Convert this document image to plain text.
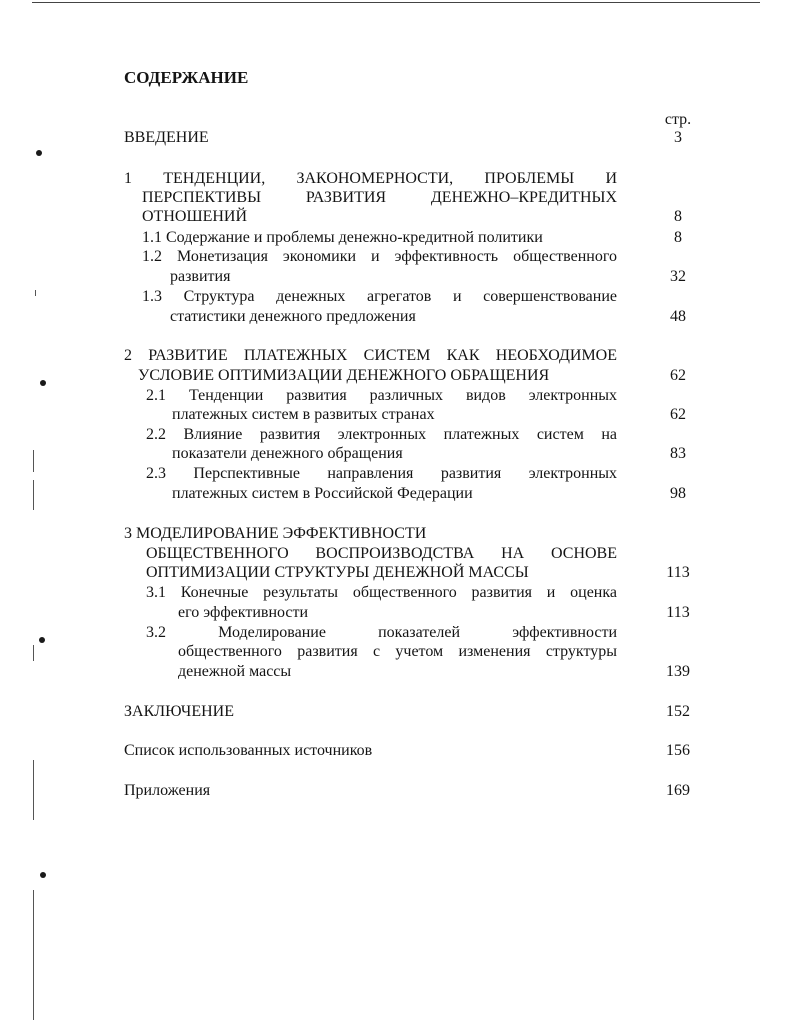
СОДЕРЖАНИЕ
стр.
ВВЕДЕНИЕ	3
1 ТЕНДЕНЦИИ, ЗАКОНОМЕРНОСТИ, ПРОБЛЕМЫ И
ПЕРСПЕКТИВЫ РАЗВИТИЯ ДЕНЕЖНО–КРЕДИТНЫХ
ОТНОШЕНИЙ	8
1.1 Содержание и проблемы денежно-кредитной политики	8
1.2 Монетизация экономики и эффективность общественного
развития	32
1.3 Структура денежных агрегатов и совершенствование
статистики денежного предложения	48
2 РАЗВИТИЕ ПЛАТЕЖНЫХ СИСТЕМ КАК НЕОБХОДИМОЕ
УСЛОВИЕ ОПТИМИЗАЦИИ ДЕНЕЖНОГО ОБРАЩЕНИЯ	62
2.1 Тенденции развития различных видов электронных
платежных систем в развитых странах	62
2.2 Влияние развития электронных платежных систем на
показатели денежного обращения	83
2.3 Перспективные направления развития электронных
платежных систем в Российской Федерации	98
3 МОДЕЛИРОВАНИЕ ЭФФЕКТИВНОСТИ
ОБЩЕСТВЕННОГО ВОСПРОИЗВОДСТВА НА ОСНОВЕ
ОПТИМИЗАЦИИ СТРУКТУРЫ ДЕНЕЖНОЙ МАССЫ	113
3.1 Конечные результаты общественного развития и оценка
его эффективности	113
3.2 Моделирование показателей эффективности
общественного развития с учетом изменения структуры
денежной массы	139
ЗАКЛЮЧЕНИЕ	152
Список использованных источников	156
Приложения	169
